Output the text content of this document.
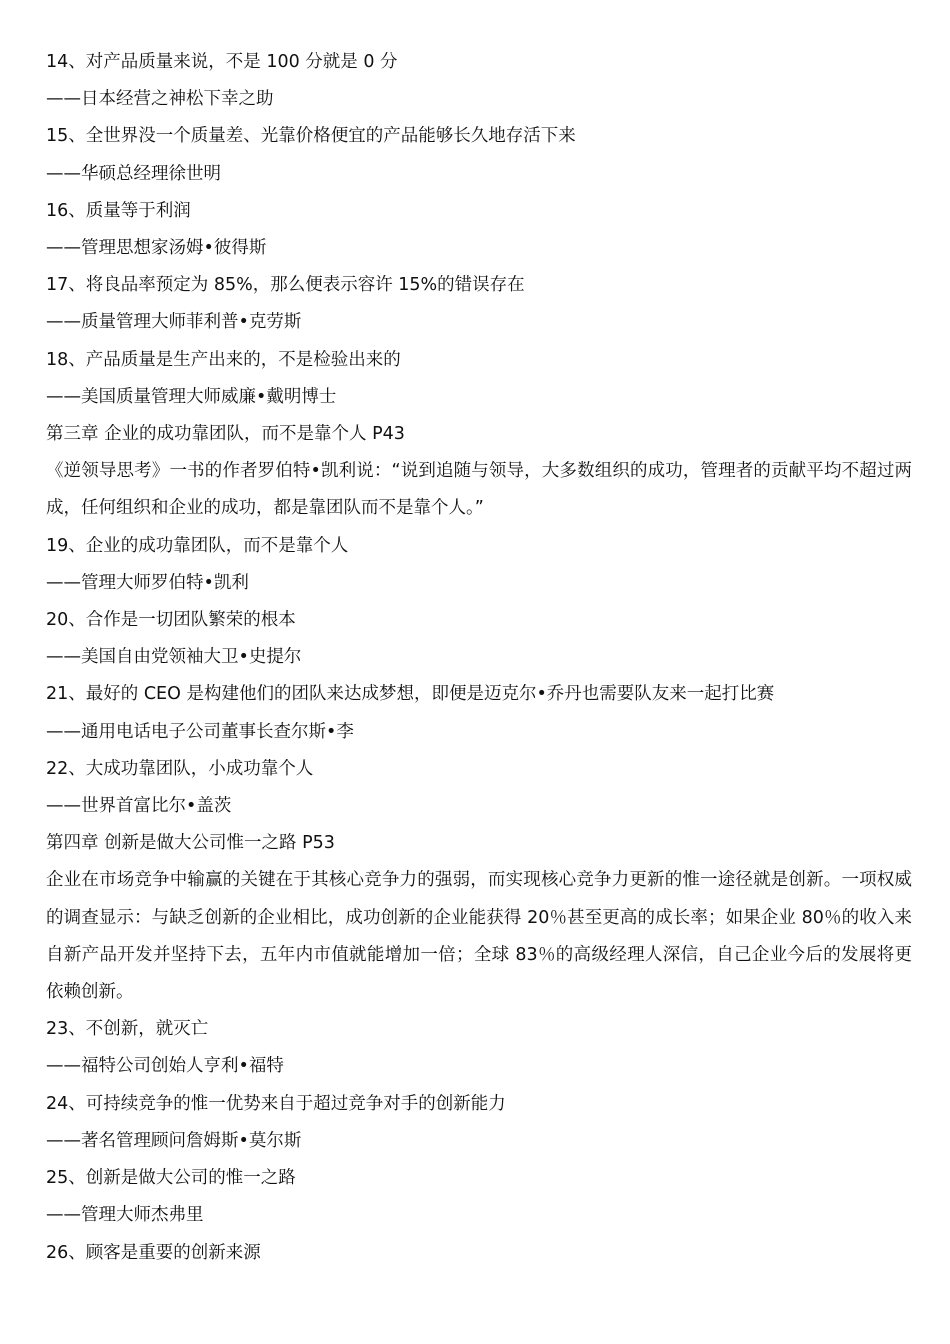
14、对产品质量来说，不是 100 分就是 0 分

——日本经营之神松下幸之助

15、全世界没一个质量差、光靠价格便宜的产品能够长久地存活下来

——华硕总经理徐世明

16、质量等于利润

——管理思想家汤姆•彼得斯

17、将良品率预定为 85%，那么便表示容许 15%的错误存在

——质量管理大师菲利普•克劳斯

18、产品质量是生产出来的，不是检验出来的

——美国质量管理大师威廉•戴明博士

第三章 企业的成功靠团队，而不是靠个人 P43

《逆领导思考》一书的作者罗伯特•凯利说：“说到追随与领导，大多数组织的成功，管理者的贡献平均不超过两成，任何组织和企业的成功，都是靠团队而不是靠个人。”

19、企业的成功靠团队，而不是靠个人

——管理大师罗伯特•凯利

20、合作是一切团队繁荣的根本

——美国自由党领袖大卫•史提尔

21、最好的 CEO 是构建他们的团队来达成梦想，即便是迈克尔•乔丹也需要队友来一起打比赛

——通用电话电子公司董事长查尔斯•李

22、大成功靠团队，小成功靠个人

——世界首富比尔•盖茨

第四章 创新是做大公司惟一之路 P53

企业在市场竞争中输赢的关键在于其核心竞争力的强弱，而实现核心竞争力更新的惟一途径就是创新。一项权威的调查显示：与缺乏创新的企业相比，成功创新的企业能获得 20％甚至更高的成长率；如果企业 80％的收入来自新产品开发并坚持下去，五年内市值就能增加一倍；全球 83％的高级经理人深信，自己企业今后的发展将更依赖创新。

23、不创新，就灭亡

——福特公司创始人亨利•福特

24、可持续竞争的惟一优势来自于超过竞争对手的创新能力

——著名管理顾问詹姆斯•莫尔斯

25、创新是做大公司的惟一之路

——管理大师杰弗里

26、顾客是重要的创新来源
